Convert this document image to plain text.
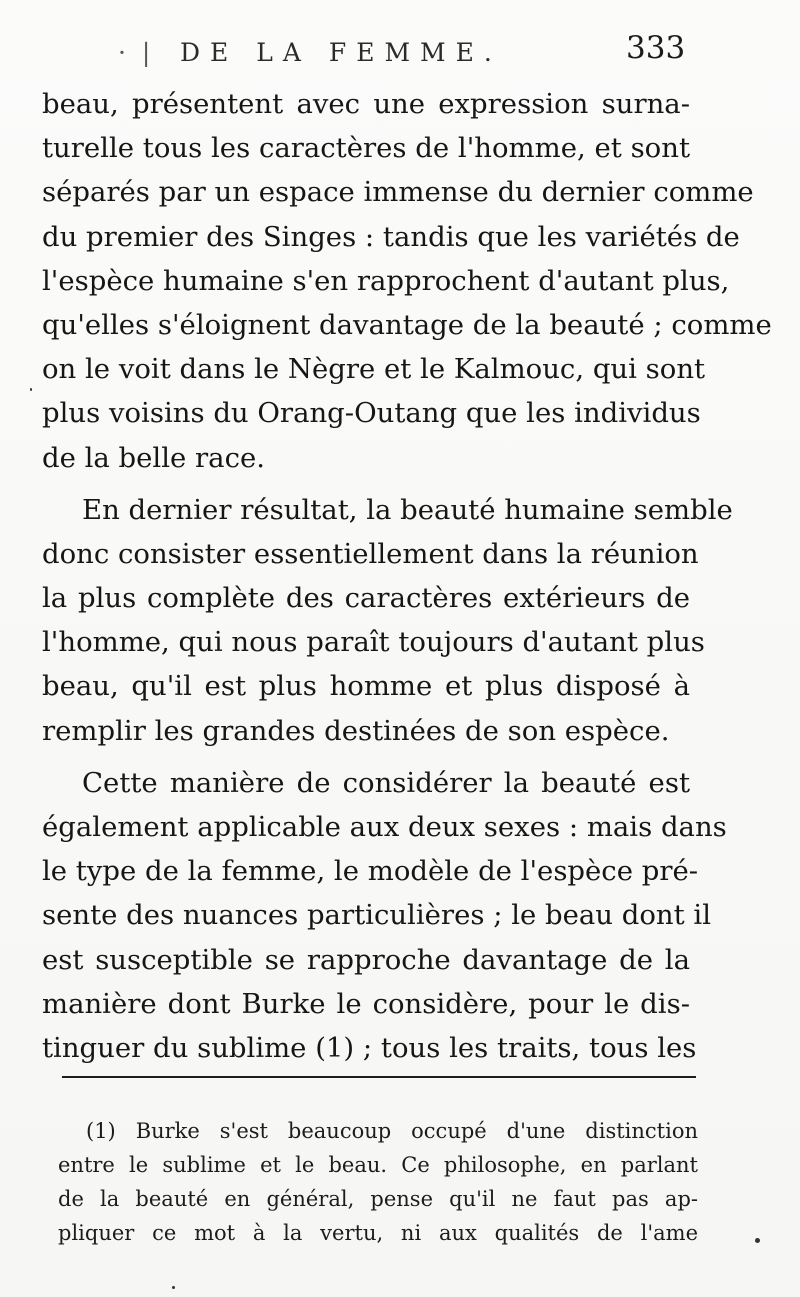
· | DE LA FEMME.	333
beau, présentent avec une expression surna-
turelle tous les caractères de l'homme, et sont
séparés par un espace immense du dernier comme
du premier des Singes : tandis que les variétés de
l'espèce humaine s'en rapprochent d'autant plus,
qu'elles s'éloignent davantage de la beauté ; comme
on le voit dans le Nègre et le Kalmouc, qui sont
plus voisins du Orang-Outang que les individus
de la belle race.
En dernier résultat, la beauté humaine semble
donc consister essentiellement dans la réunion
la plus complète des caractères extérieurs de
l'homme, qui nous paraît toujours d'autant plus
beau, qu'il est plus homme et plus disposé à
remplir les grandes destinées de son espèce.
Cette manière de considérer la beauté est
également applicable aux deux sexes : mais dans
le type de la femme, le modèle de l'espèce pré-
sente des nuances particulières ; le beau dont il
est susceptible se rapproche davantage de la
manière dont Burke le considère, pour le dis-
tinguer du sublime (1) ; tous les traits, tous les
(1) Burke s'est beaucoup occupé d'une distinction
entre le sublime et le beau. Ce philosophe, en parlant
de la beauté en général, pense qu'il ne faut pas ap-
pliquer ce mot à la vertu, ni aux qualités de l'ame
